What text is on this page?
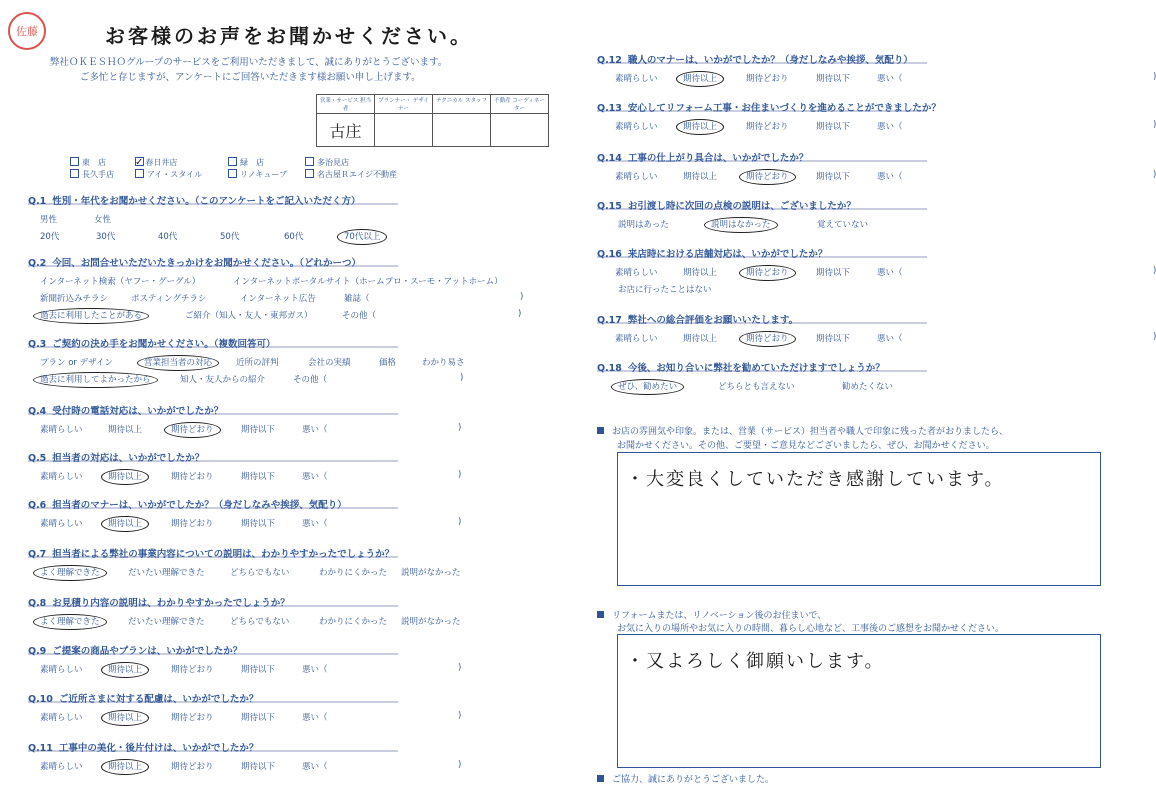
佐藤	お客様のお声をお聞かせください。
弊社ＯＫＥＳＨＯグループのサービスをご利用いただきまして、誠にありがとうございます。
ご多忙と存じますが、アンケートにご回答いただきます様お願い申し上げます。
営業・サービス 担当者	プランナー・ デザイナー	テクニカル スタッフ	不動産 コーディネーター
古庄			
東　店	✓ 春日井店	緑　店	多治見店
長久手店	アイ・スタイル	リノキューブ	名古屋Ｒエイジ不動産
Q.1 性別・年代をお聞かせください。（このアンケートをご記入いただく方）
男性	女性
20代	30代	40代	50代	60代	70代以上
Q.2 今回、お問合せいただいたきっかけをお聞かせください。（どれかーつ）
インターネット検索（ヤフー・グーグル）	インターネットポータルサイト（ホームプロ・スーモ・アットホーム）
新聞折込みチラシ	ポスティングチラシ	インターネット広告	雑誌（	)
過去に利用したことがある	ご紹介（知人・友人・東邦ガス）	その他（	)
Q.3 ご契約の決め手をお聞かせください。（複数回答可）
プラン or デザイン	営業担当者の対応	近所の評判	会社の実績	価格	わかり易さ
過去に利用してよかったから	知人・友人からの紹介	その他（	)
Q.4 受付時の電話対応は、いかがでしたか？
素晴らしい	期待以上	期待どおり	期待以下	悪い（	)
Q.5 担当者の対応は、いかがでしたか？
素晴らしい	期待以上	期待どおり	期待以下	悪い（	)
Q.6 担当者のマナーは、いかがでしたか？（身だしなみや挨拶、気配り）
素晴らしい	期待以上	期待どおり	期待以下	悪い（	)
Q.7 担当者による弊社の事業内容についての説明は、わかりやすかったでしょうか？
よく理解できた	だいたい理解できた	どちらでもない	わかりにくかった 説明がなかった
Q.8 お見積り内容の説明は、わかりやすかったでしょうか？
よく理解できた	だいたい理解できた	どちらでもない	わかりにくかった 説明がなかった
Q.9 ご提案の商品やプランは、いかがでしたか？
素晴らしい	期待以上	期待どおり	期待以下	悪い（	)
Q.10 ご近所さまに対する配慮は、いかがでしたか？
素晴らしい	期待以上	期待どおり	期待以下	悪い（	)
Q.11 工事中の美化・後片付けは、いかがでしたか？
素晴らしい	期待以上	期待どおり	期待以下	悪い（	)
Q.12 職人のマナーは、いかがでしたか？（身だしなみや挨拶、気配り）
素晴らしい	期待以上	期待どおり	期待以下	悪い（	)
Q.13 安心してリフォーム工事・お住まいづくりを進めることができましたか？
素晴らしい	期待以上	期待どおり	期待以下	悪い（	)
Q.14 工事の仕上がり具合は、いかがでしたか？
素晴らしい	期待以上	期待どおり	期待以下	悪い（	)
Q.15 お引渡し時に次回の点検の説明は、ございましたか？
説明はあった	説明はなかった	覚えていない
Q.16 来店時における店舗対応は、いかがでしたか？
素晴らしい	期待以上	期待どおり	期待以下	悪い（	)
お店に行ったことはない
Q.17 弊社への総合評価をお願いいたします。
素晴らしい	期待以上	期待どおり	期待以下	悪い（	)
Q.18 今後、お知り合いに弊社を勧めていただけますでしょうか？
ぜひ、勧めたい	どちらとも言えない	勧めたくない
お店の雰囲気や印象。または、営業（サービス）担当者や職人で印象に残った者がおりましたら、
お聞かせください。その他、ご要望・ご意見などございましたら、ぜひ、お聞かせください。
・大変良くしていただき感謝しています。
リフォームまたは、リノベーション後のお住まいで、
お気に入りの場所やお気に入りの時間、暮らし心地など、工事後のご感想をお聞かせください。
・又よろしく御願いします。
ご協力、誠にありがとうございました。
